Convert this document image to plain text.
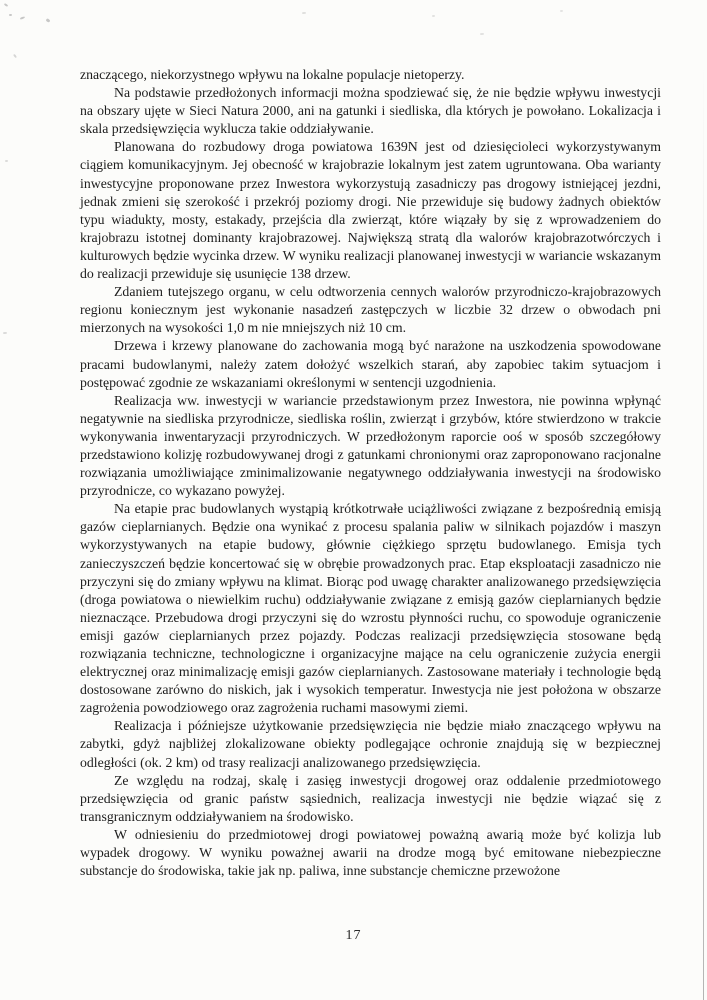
znaczącego, niekorzystnego wpływu na lokalne populacje nietoperzy.

Na podstawie przedłożonych informacji można spodziewać się, że nie będzie wpływu inwestycji na obszary ujęte w Sieci Natura 2000, ani na gatunki i siedliska, dla których je powołano. Lokalizacja i skala przedsięwzięcia wyklucza takie oddziaływanie.

Planowana do rozbudowy droga powiatowa 1639N jest od dziesięcioleci wykorzystywanym ciągiem komunikacyjnym. Jej obecność w krajobrazie lokalnym jest zatem ugruntowana. Oba warianty inwestycyjne proponowane przez Inwestora wykorzystują zasadniczy pas drogowy istniejącej jezdni, jednak zmieni się szerokość i przekrój poziomy drogi. Nie przewiduje się budowy żadnych obiektów typu wiadukty, mosty, estakady, przejścia dla zwierząt, które wiązały by się z wprowadzeniem do krajobrazu istotnej dominanty krajobrazowej. Największą stratą dla walorów krajobrazotwórczych i kulturowych będzie wycinka drzew. W wyniku realizacji planowanej inwestycji w wariancie wskazanym do realizacji przewiduje się usunięcie 138 drzew.

Zdaniem tutejszego organu, w celu odtworzenia cennych walorów przyrodniczo-krajobrazowych regionu koniecznym jest wykonanie nasadzeń zastępczych w liczbie 32 drzew o obwodach pni mierzonych na wysokości 1,0 m nie mniejszych niż 10 cm.

Drzewa i krzewy planowane do zachowania mogą być narażone na uszkodzenia spowodowane pracami budowlanymi, należy zatem dołożyć wszelkich starań, aby zapobiec takim sytuacjom i postępować zgodnie ze wskazaniami określonymi w sentencji uzgodnienia.

Realizacja ww. inwestycji w wariancie przedstawionym przez Inwestora, nie powinna wpłynąć negatywnie na siedliska przyrodnicze, siedliska roślin, zwierząt i grzybów, które stwierdzono w trakcie wykonywania inwentaryzacji przyrodniczych. W przedłożonym raporcie ooś w sposób szczegółowy przedstawiono kolizję rozbudowywanej drogi z gatunkami chronionymi oraz zaproponowano racjonalne rozwiązania umożliwiające zminimalizowanie negatywnego oddziaływania inwestycji na środowisko przyrodnicze, co wykazano powyżej.

Na etapie prac budowlanych wystąpią krótkotrwałe uciążliwości związane z bezpośrednią emisją gazów cieplarnianych. Będzie ona wynikać z procesu spalania paliw w silnikach pojazdów i maszyn wykorzystywanych na etapie budowy, głównie ciężkiego sprzętu budowlanego. Emisja tych zanieczyszczeń będzie koncertować się w obrębie prowadzonych prac. Etap eksploatacji zasadniczo nie przyczyni się do zmiany wpływu na klimat. Biorąc pod uwagę charakter analizowanego przedsięwzięcia (droga powiatowa o niewielkim ruchu) oddziaływanie związane z emisją gazów cieplarnianych będzie nieznaczące. Przebudowa drogi przyczyni się do wzrostu płynności ruchu, co spowoduje ograniczenie emisji gazów cieplarnianych przez pojazdy. Podczas realizacji przedsięwzięcia stosowane będą rozwiązania techniczne, technologiczne i organizacyjne mające na celu ograniczenie zużycia energii elektrycznej oraz minimalizację emisji gazów cieplarnianych. Zastosowane materiały i technologie będą dostosowane zarówno do niskich, jak i wysokich temperatur. Inwestycja nie jest położona w obszarze zagrożenia powodziowego oraz zagrożenia ruchami masowymi ziemi.

Realizacja i późniejsze użytkowanie przedsięwzięcia nie będzie miało znaczącego wpływu na zabytki, gdyż najbliżej zlokalizowane obiekty podlegające ochronie znajdują się w bezpiecznej odległości (ok. 2 km) od trasy realizacji analizowanego przedsięwzięcia.

Ze względu na rodzaj, skalę i zasięg inwestycji drogowej oraz oddalenie przedmiotowego przedsięwzięcia od granic państw sąsiednich, realizacja inwestycji nie będzie wiązać się z transgranicznym oddziaływaniem na środowisko.

W odniesieniu do przedmiotowej drogi powiatowej poważną awarią może być kolizja lub wypadek drogowy. W wyniku poważnej awarii na drodze mogą być emitowane niebezpieczne substancje do środowiska, takie jak np. paliwa, inne substancje chemiczne przewożone

17
